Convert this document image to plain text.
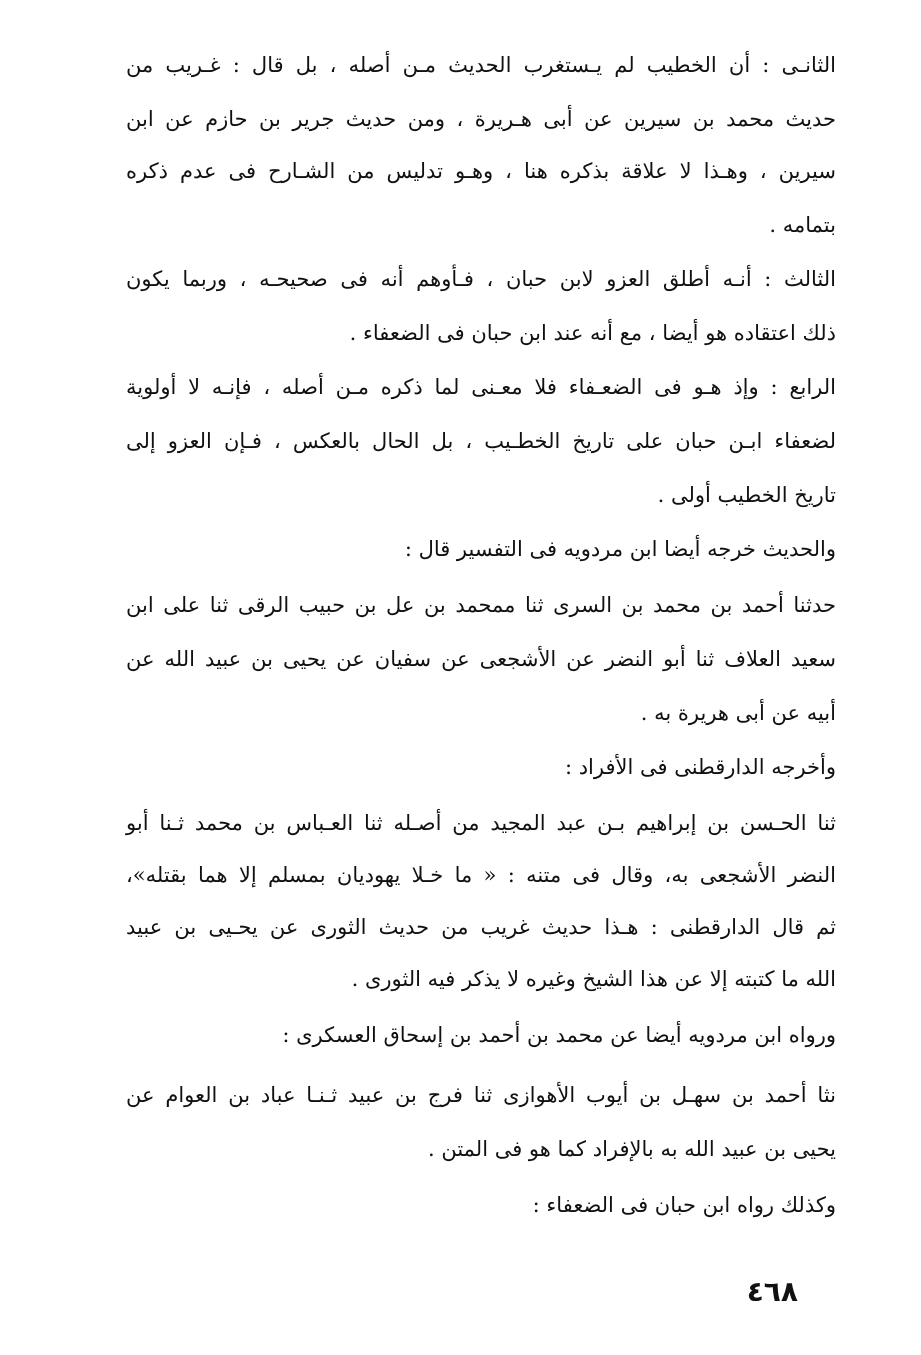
الثانـى : أن الخطيب لم يـستغرب الحديث مـن أصله ، بل قال : غـريب من
حديث محمد بن سيرين عن أبى هـريرة ، ومن حديث جرير بن حازم عن ابن
سيرين ، وهـذا لا علاقة بذكره هنا ، وهـو تدليس من الشـارح فى عدم ذكره
بتمامه .
الثالث : أنـه أطلق العزو لابن حبان ، فـأوهم أنه فى صحيحـه ، وربما يكون
ذلك اعتقاده هو أيضا ، مع أنه عند ابن حبان فى الضعفاء .
الرابع : وإذ هـو فى الضعـفاء فلا معـنى لما ذكره مـن أصله ، فإنـه لا أولوية
لضعفاء ابـن حبان على تاريخ الخطـيب ، بل الحال بالعكس ، فـإن العزو إلى
تاريخ الخطيب أولى .
والحديث خرجه أيضا ابن مردويه فى التفسير قال :
حدثنا أحمد بن محمد بن السرى ثنا ممحمد بن عل بن حبيب الرقى ثنا على ابن
سعيد العلاف ثنا أبو النضر عن الأشجعى عن سفيان عن يحيى بن عبيد الله عن
أبيه عن أبى هريرة به .
وأخرجه الدارقطنى فى الأفراد :
ثنا الحـسن بن إبراهيم بـن عبد المجيد من أصـله ثنا العـباس بن محمد ثـنا أبو
النضر الأشجعى به، وقال فى متنه : « ما خـلا يهوديان بمسلم إلا هما بقتله»،
ثم قال الدارقطنى : هـذا حديث غريب من حديث الثورى عن يحـيى بن عبيد
الله ما كتبته إلا عن هذا الشيخ وغيره لا يذكر فيه الثورى .
ورواه ابن مردويه أيضا عن محمد بن أحمد بن إسحاق العسكرى :
نثا أحمد بن سهـل بن أيوب الأهوازى ثنا فرج بن عبيد ثـنـا عباد بن العوام عن
يحيى بن عبيد الله به بالإفراد كما هو فى المتن .
وكذلك رواه ابن حبان فى الضعفاء :
٤٦٨
